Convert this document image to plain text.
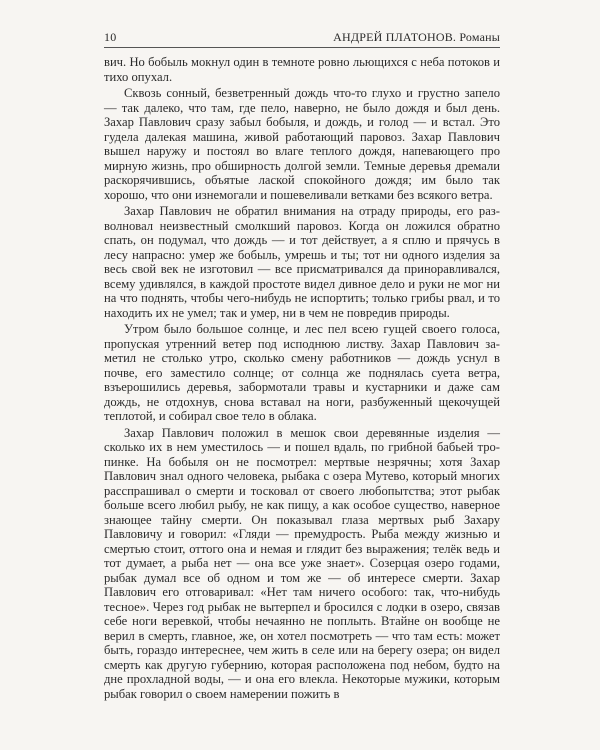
10	АНДРЕЙ ПЛАТОНОВ. Романы

вич. Но бобыль мокнул один в темноте ровно льющихся с неба потоков и тихо опухал.

Сквозь сонный, безветренный дождь что-то глухо и грустно запело — так далеко, что там, где пело, наверно, не было дождя и был день. Захар Павлович сразу забыл бобыля, и дождь, и голод — и встал. Это гудела далекая машина, живой работающий паровоз. Захар Павлович вышел наружу и постоял во влаге теплого дождя, напевающего про мирную жизнь, про обширность долгой земли. Темные деревья дремали раскорячившись, объятые лаской спокойного дождя; им было так хорошо, что они изнемогали и пошевеливали ветками без всякого ветра.

Захар Павлович не обратил внимания на отраду природы, его разволновал неизвестный смолкший паровоз. Когда он ложился обратно спать, он подумал, что дождь — и тот действует, а я сплю и прячусь в лесу напрасно: умер же бобыль, умрешь и ты; тот ни одного изделия за весь свой век не изготовил — все присматривался да приноравливался, всему удивлялся, в каждой простоте видел дивное дело и руки не мог ни на что поднять, чтобы чего-нибудь не испортить; только грибы рвал, и то находить их не умел; так и умер, ни в чем не повредив природы.

Утром было большое солнце, и лес пел всею гущей своего голоса, пропуская утренний ветер под исподнюю листву. Захар Павлович заметил не столько утро, сколько смену работников — дождь уснул в почве, его заместило солнце; от солнца же поднялась суета ветра, взъерошились деревья, забормотали травы и кустарники и даже сам дождь, не отдохнув, снова вставал на ноги, разбуженный щекочущей теплотой, и собирал свое тело в облака.

Захар Павлович положил в мешок свои деревянные изделия — сколько их в нем уместилось — и пошел вдаль, по грибной бабьей тропинке. На бобыля он не посмотрел: мертвые незрячны; хотя Захар Павлович знал одного человека, рыбака с озера Мутево, который многих расспрашивал о смерти и тосковал от своего любопытства; этот рыбак больше всего любил рыбу, не как пищу, а как особое существо, наверное знающее тайну смерти. Он показывал глаза мертвых рыб Захару Павловичу и говорил: «Гляди — премудрость. Рыба между жизнью и смертью стоит, оттого она и немая и глядит без выражения; телёк ведь и тот думает, а рыба нет — она все уже знает». Созерцая озеро годами, рыбак думал все об одном и том же — об интересе смерти. Захар Павлович его отговаривал: «Нет там ничего особого: так, что-нибудь тесное». Через год рыбак не вытерпел и бросился с лодки в озеро, связав себе ноги веревкой, чтобы нечаянно не поплыть. Втайне он вообще не верил в смерть, главное, же, он хотел посмотреть — что там есть: может быть, гораздо интереснее, чем жить в селе или на берегу озера; он видел смерть как другую губернию, которая расположена под небом, будто на дне прохладной воды, — и она его влекла. Некоторые мужики, которым рыбак говорил о своем намерении пожить в
